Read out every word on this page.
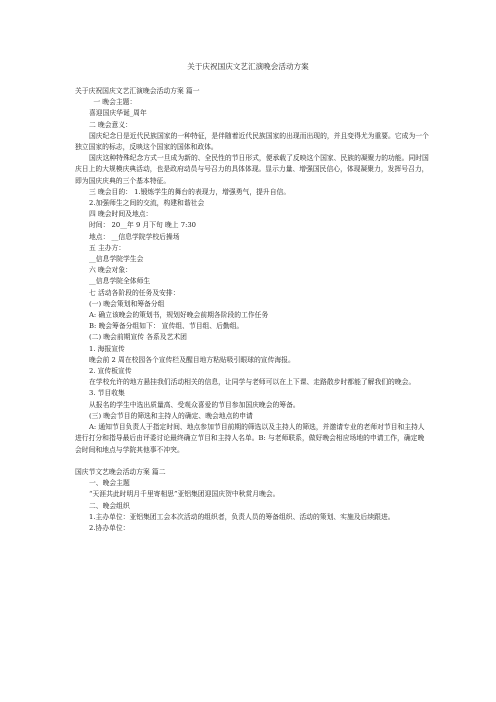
关于庆祝国庆文艺汇演晚会活动方案

关于庆祝国庆文艺汇演晚会活动方案 篇一

一 晚会主题：

喜迎国庆华诞_周年

二 晚会意义：

国庆纪念日是近代民族国家的一种特征，是伴随着近代民族国家的出现而出现的，并且变得尤为重要。它成为一个独立国家的标志，反映这个国家的国体和政体。

国庆这种特殊纪念方式一旦成为新的、全民性的节日形式，便承载了反映这个国家、民族的凝聚力的功能。同时国庆日上的大规模庆典活动，也是政府动员与号召力的具体体现。显示力量、增强国民信心，体现凝聚力，发挥号召力，即为国庆庆典的三个基本特征。

三 晚会目的： 1.锻炼学生的舞台的表现力，增强勇气，提升自信。

2.加强师生之间的交流，构建和谐社会

四 晚会时间及地点：

时间： 20__年 9 月下旬 晚上 7:30

地点： __信息学院学校后操场

五 主办方：

__信息学院学生会

六 晚会对象：

__信息学院全体师生

七 活动各阶段的任务及安排：

(一) 晚会策划和筹备分组

A: 确立该晚会的策划书，规划好晚会前期各阶段的工作任务

B: 晚会筹备分组如下： 宣传组、节目组、后勤组。

(二) 晚会前期宣传 各系及艺术团

1. 海报宣传

晚会前 2 周在校园各个宣传栏及醒目地方粘贴吸引眼球的宣传海报。

2. 宣传板宣传

在学校允许的地方悬挂我们活动相关的信息，让同学与老师可以在上下课、走路散步时都能了解我们的晚会。

3. 节目收集

从报名的学生中选出质量高、受观众喜爱的节目参加国庆晚会的筹备。

(三) 晚会节目的筛选和主持人的确定、晚会地点的申请

A: 通知节目负责人于指定时间、地点参加节目前期的筛选以及主持人的筛选，并邀请专业的老师对节目和主持人进行打分和指导最后由评委讨论最终确立节目和主持人名单。B: 与老师联系，做好晚会相应场地的申请工作，确定晚会时间和地点与学院其他事不冲突。

国庆节文艺晚会活动方案 篇二

一、晚会主题

“天涯共此时明月千里寄相思”亚铝集团迎国庆贺中秋赏月晚会。

二、晚会组织

1.主办单位：亚铝集团工会本次活动的组织者，负责人员的筹备组织、活动的策划、实施及后续跟进。

2.协办单位：
